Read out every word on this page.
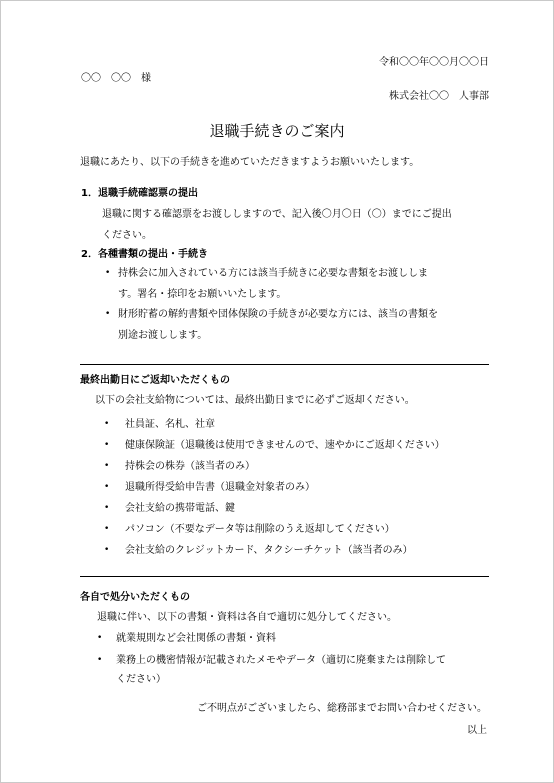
令和〇〇年〇〇月〇〇日
〇〇　〇〇　様
株式会社〇〇　人事部
退職手続きのご案内
退職にあたり、以下の手続きを進めていただきますようお願いいたします。
1．退職手続確認票の提出
退職に関する確認票をお渡ししますので、記入後〇月〇日（〇）までにご提出
ください。
2．各種書類の提出・手続き
• 持株会に加入されている方には該当手続きに必要な書類をお渡ししま
す。署名・捺印をお願いいたします。
• 財形貯蓄の解約書類や団体保険の手続きが必要な方には、該当の書類を
別途お渡しします。
最終出勤日にご返却いただくもの
以下の会社支給物については、最終出勤日までに必ずご返却ください。
• 社員証、名札、社章
• 健康保険証（退職後は使用できませんので、速やかにご返却ください）
• 持株会の株券（該当者のみ）
• 退職所得受給申告書（退職金対象者のみ）
• 会社支給の携帯電話、鍵
• パソコン（不要なデータ等は削除のうえ返却してください）
• 会社支給のクレジットカード、タクシーチケット（該当者のみ）
各自で処分いただくもの
退職に伴い、以下の書類・資料は各自で適切に処分してください。
• 就業規則など会社関係の書類・資料
• 業務上の機密情報が記載されたメモやデータ（適切に廃棄または削除して
ください）
ご不明点がございましたら、総務部までお問い合わせください。
以上
